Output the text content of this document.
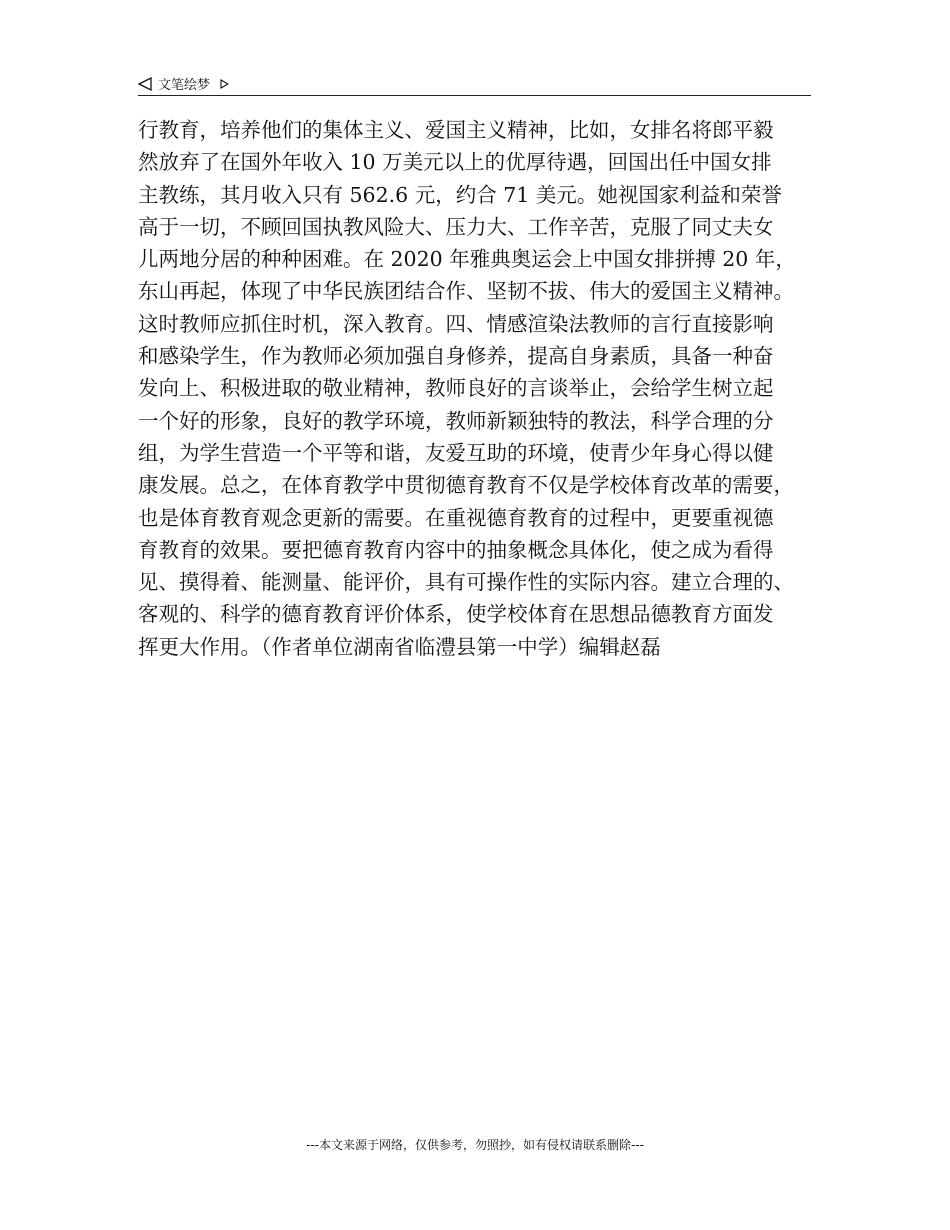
文笔绘梦
行教育，培养他们的集体主义、爱国主义精神，比如，女排名将郎平毅
然放弃了在国外年收入 10 万美元以上的优厚待遇，回国出任中国女排
主教练，其月收入只有 562.6 元，约合 71 美元。她视国家利益和荣誉
高于一切，不顾回国执教风险大、压力大、工作辛苦，克服了同丈夫女
儿两地分居的种种困难。在 2020 年雅典奥运会上中国女排拼搏 20 年，
东山再起，体现了中华民族团结合作、坚韧不拔、伟大的爱国主义精神。
这时教师应抓住时机，深入教育。四、情感渲染法教师的言行直接影响
和感染学生，作为教师必须加强自身修养，提高自身素质，具备一种奋
发向上、积极进取的敬业精神，教师良好的言谈举止，会给学生树立起
一个好的形象，良好的教学环境，教师新颖独特的教法，科学合理的分
组，为学生营造一个平等和谐，友爱互助的环境，使青少年身心得以健
康发展。总之，在体育教学中贯彻德育教育不仅是学校体育改革的需要，
也是体育教育观念更新的需要。在重视德育教育的过程中，更要重视德
育教育的效果。要把德育教育内容中的抽象概念具体化，使之成为看得
见、摸得着、能测量、能评价，具有可操作性的实际内容。建立合理的、
客观的、科学的德育教育评价体系，使学校体育在思想品德教育方面发
挥更大作用。（作者单位湖南省临澧县第一中学）编辑赵磊
---本文来源于网络，仅供参考，勿照抄，如有侵权请联系删除---
